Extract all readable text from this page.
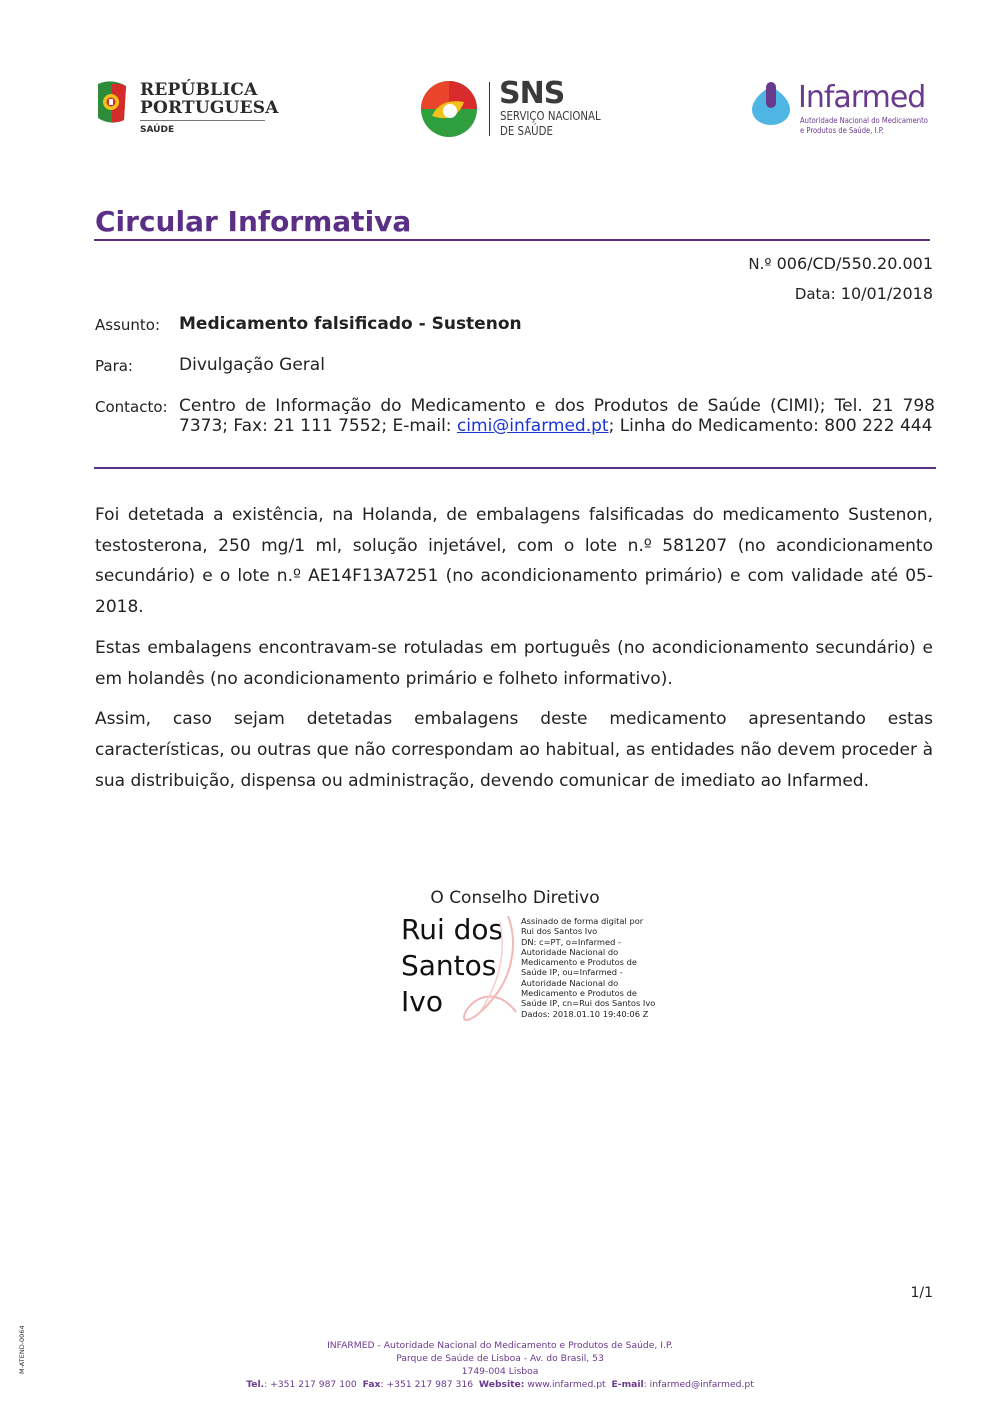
REPÚBLICA
PORTUGUESA
SAÚDE
SNS
SERVIÇO NACIONAL
DE SAÚDE
Infarmed
Autoridade Nacional do Medicamento
e Produtos de Saúde, I.P.
Circular Informativa
N.º 006/CD/550.20.001
Data: 10/01/2018
Assunto: Medicamento falsificado - Sustenon
Para:	Divulgação Geral
Contacto: Centro de Informação do Medicamento e dos Produtos de Saúde (CIMI); Tel. 21 798 7373; Fax: 21 111 7552; E-mail: cimi@infarmed.pt; Linha do Medicamento: 800 222 444

Foi detetada a existência, na Holanda, de embalagens falsificadas do medicamento Sustenon, testosterona, 250 mg/1 ml, solução injetável, com o lote n.º 581207 (no acondicionamento secundário) e o lote n.º AE14F13A7251 (no acondicionamento primário) e com validade até 05-2018.

Estas embalagens encontravam-se rotuladas em português (no acondicionamento secundário) e em holandês (no acondicionamento primário e folheto informativo).

Assim, caso sejam detetadas embalagens deste medicamento apresentando estas características, ou outras que não correspondam ao habitual, as entidades não devem proceder à sua distribuição, dispensa ou administração, devendo comunicar de imediato ao Infarmed.

O Conselho Diretivo
Rui dos
Santos
Ivo
Assinado de forma digital por
Rui dos Santos Ivo
DN: c=PT, o=Infarmed -
Autoridade Nacional do
Medicamento e Produtos de
Saúde IP, ou=Infarmed -
Autoridade Nacional do
Medicamento e Produtos de
Saúde IP, cn=Rui dos Santos Ivo
Dados: 2018.01.10 19:40:06 Z
1/1
M-ATEND-0064	INFARMED - Autoridade Nacional do Medicamento e Produtos de Saúde, I.P.
Parque de Saúde de Lisboa - Av. do Brasil, 53
1749-004 Lisboa
Tel.: +351 217 987 100 Fax: +351 217 987 316 Website: www.infarmed.pt E-mail: infarmed@infarmed.pt
